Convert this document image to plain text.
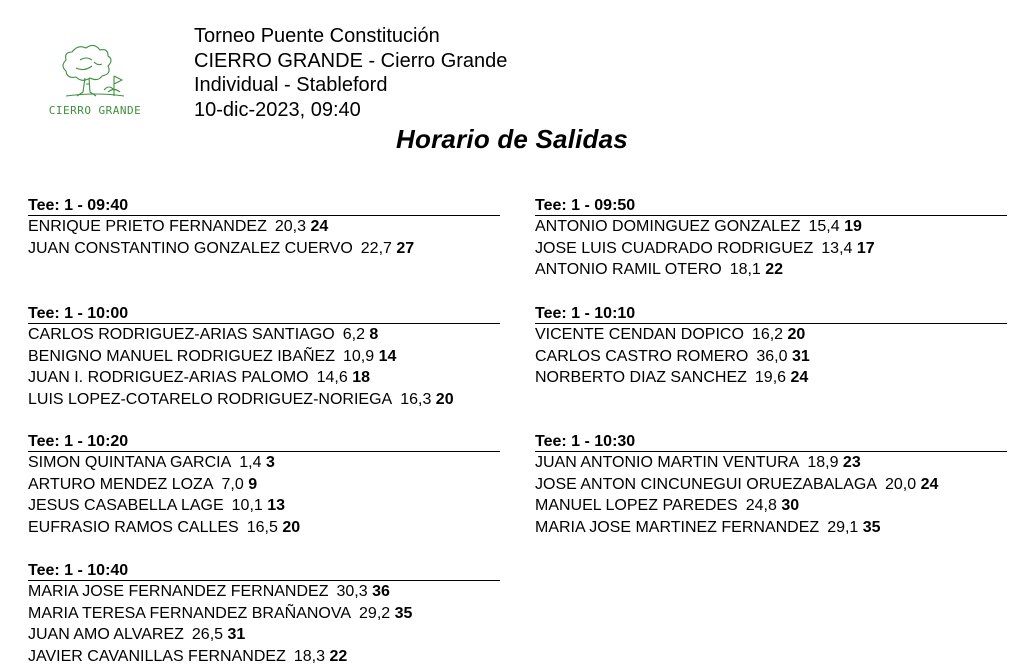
CIERRO GRANDE
Torneo Puente Constitución
CIERRO GRANDE - Cierro Grande
Individual - Stableford
10-dic-2023, 09:40
Horario de Salidas
Tee: 1 - 09:40
ENRIQUE PRIETO FERNANDEZ 20,3 24
JUAN CONSTANTINO GONZALEZ CUERVO 22,7 27
Tee: 1 - 09:50
ANTONIO DOMINGUEZ GONZALEZ 15,4 19
JOSE LUIS CUADRADO RODRIGUEZ 13,4 17
ANTONIO RAMIL OTERO 18,1 22
Tee: 1 - 10:00
CARLOS RODRIGUEZ-ARIAS SANTIAGO 6,2 8
BENIGNO MANUEL RODRIGUEZ IBAÑEZ 10,9 14
JUAN I. RODRIGUEZ-ARIAS PALOMO 14,6 18
LUIS LOPEZ-COTARELO RODRIGUEZ-NORIEGA 16,3 20
Tee: 1 - 10:10
VICENTE CENDAN DOPICO 16,2 20
CARLOS CASTRO ROMERO 36,0 31
NORBERTO DIAZ SANCHEZ 19,6 24
Tee: 1 - 10:20
SIMON QUINTANA GARCIA 1,4 3
ARTURO MENDEZ LOZA 7,0 9
JESUS CASABELLA LAGE 10,1 13
EUFRASIO RAMOS CALLES 16,5 20
Tee: 1 - 10:30
JUAN ANTONIO MARTIN VENTURA 18,9 23
JOSE ANTON CINCUNEGUI ORUEZABALAGA 20,0 24
MANUEL LOPEZ PAREDES 24,8 30
MARIA JOSE MARTINEZ FERNANDEZ 29,1 35
Tee: 1 - 10:40
MARIA JOSE FERNANDEZ FERNANDEZ 30,3 36
MARIA TERESA FERNANDEZ BRAÑANOVA 29,2 35
JUAN AMO ALVAREZ 26,5 31
JAVIER CAVANILLAS FERNANDEZ 18,3 22
